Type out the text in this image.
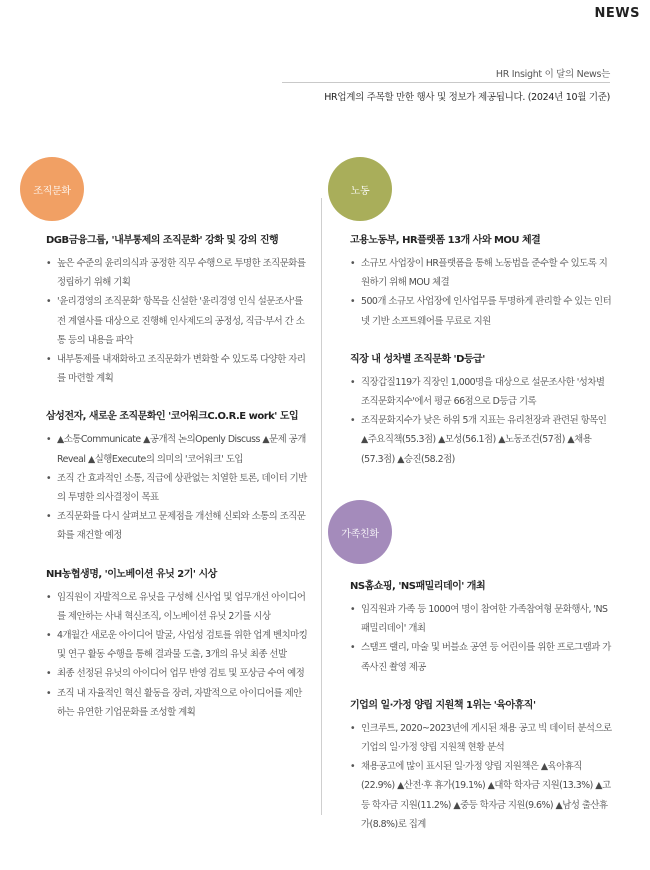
NEWS
HR Insight 이 달의 News는
HR업계의 주목할 만한 행사 및 정보가 제공됩니다. (2024년 10월 기준)
조직문화	노동
가족친화
DGB금융그룹, '내부통제의 조직문화' 강화 및 강의 진행
• 높은 수준의 윤리의식과 공정한 직무 수행으로 투명한 조직문화를 정립하기 위해 기획
• '윤리경영의 조직문화' 항목을 신설한 '윤리경영 인식 설문조사'를 전 계열사를 대상으로 진행해 인사제도의 공정성, 직급·부서 간 소통 등의 내용을 파악
• 내부통제를 내재화하고 조직문화가 변화할 수 있도록 다양한 자리를 마련할 계획
삼성전자, 새로운 조직문화인 '코어워크C.O.R.E work' 도입
• ▲소통Communicate ▲공개적 논의Openly Discuss ▲문제 공개Reveal ▲실행Execute의 의미의 '코어워크' 도입
• 조직 간 효과적인 소통, 직급에 상관없는 치열한 토론, 데이터 기반의 투명한 의사결정이 목표
• 조직문화를 다시 살펴보고 문제점을 개선해 신뢰와 소통의 조직문화를 재건할 예정
NH농협생명, '이노베이션 유닛 2기' 시상
• 임직원이 자발적으로 유닛을 구성해 신사업 및 업무개선 아이디어를 제안하는 사내 혁신조직, 이노베이션 유닛 2기를 시상
• 4개월간 새로운 아이디어 발굴, 사업성 검토를 위한 업계 벤치마킹 및 연구 활동 수행을 통해 결과물 도출, 3개의 유닛 최종 선발
• 최종 선정된 유닛의 아이디어 업무 반영 검토 및 포상금 수여 예정
• 조직 내 자율적인 혁신 활동을 장려, 자발적으로 아이디어를 제안하는 유연한 기업문화를 조성할 계획
고용노동부, HR플랫폼 13개 사와 MOU 체결
• 소규모 사업장이 HR플랫폼을 통해 노동법을 준수할 수 있도록 지원하기 위해 MOU 체결
• 500개 소규모 사업장에 인사업무를 투명하게 관리할 수 있는 인터넷 기반 소프트웨어를 무료로 지원
직장 내 성차별 조직문화 'D등급'
• 직장갑질119가 직장인 1,000명을 대상으로 설문조사한 '성차별 조직문화지수'에서 평균 66점으로 D등급 기록
• 조직문화지수가 낮은 하위 5개 지표는 유리천장과 관련된 항목인 ▲주요직책(55.3점) ▲모성(56.1점) ▲노동조건(57점) ▲채용(57.3점) ▲승진(58.2점)
NS홈쇼핑, 'NS패밀리데이' 개최
• 임직원과 가족 등 1000여 명이 참여한 가족참여형 문화행사, 'NS패밀리데이' 개최
• 스탬프 랠리, 마술 및 버블쇼 공연 등 어린이를 위한 프로그램과 가족사진 촬영 제공
기업의 일·가정 양립 지원책 1위는 '육아휴직'
• 인크루트, 2020~2023년에 게시된 채용 공고 빅 데이터 분석으로 기업의 일·가정 양립 지원책 현황 분석
• 채용공고에 많이 표시된 일·가정 양립 지원책은 ▲육아휴직(22.9%) ▲산전·후 휴가(19.1%) ▲대학 학자금 지원(13.3%) ▲고등 학자금 지원(11.2%) ▲중등 학자금 지원(9.6%) ▲남성 출산휴가(8.8%)로 집계
